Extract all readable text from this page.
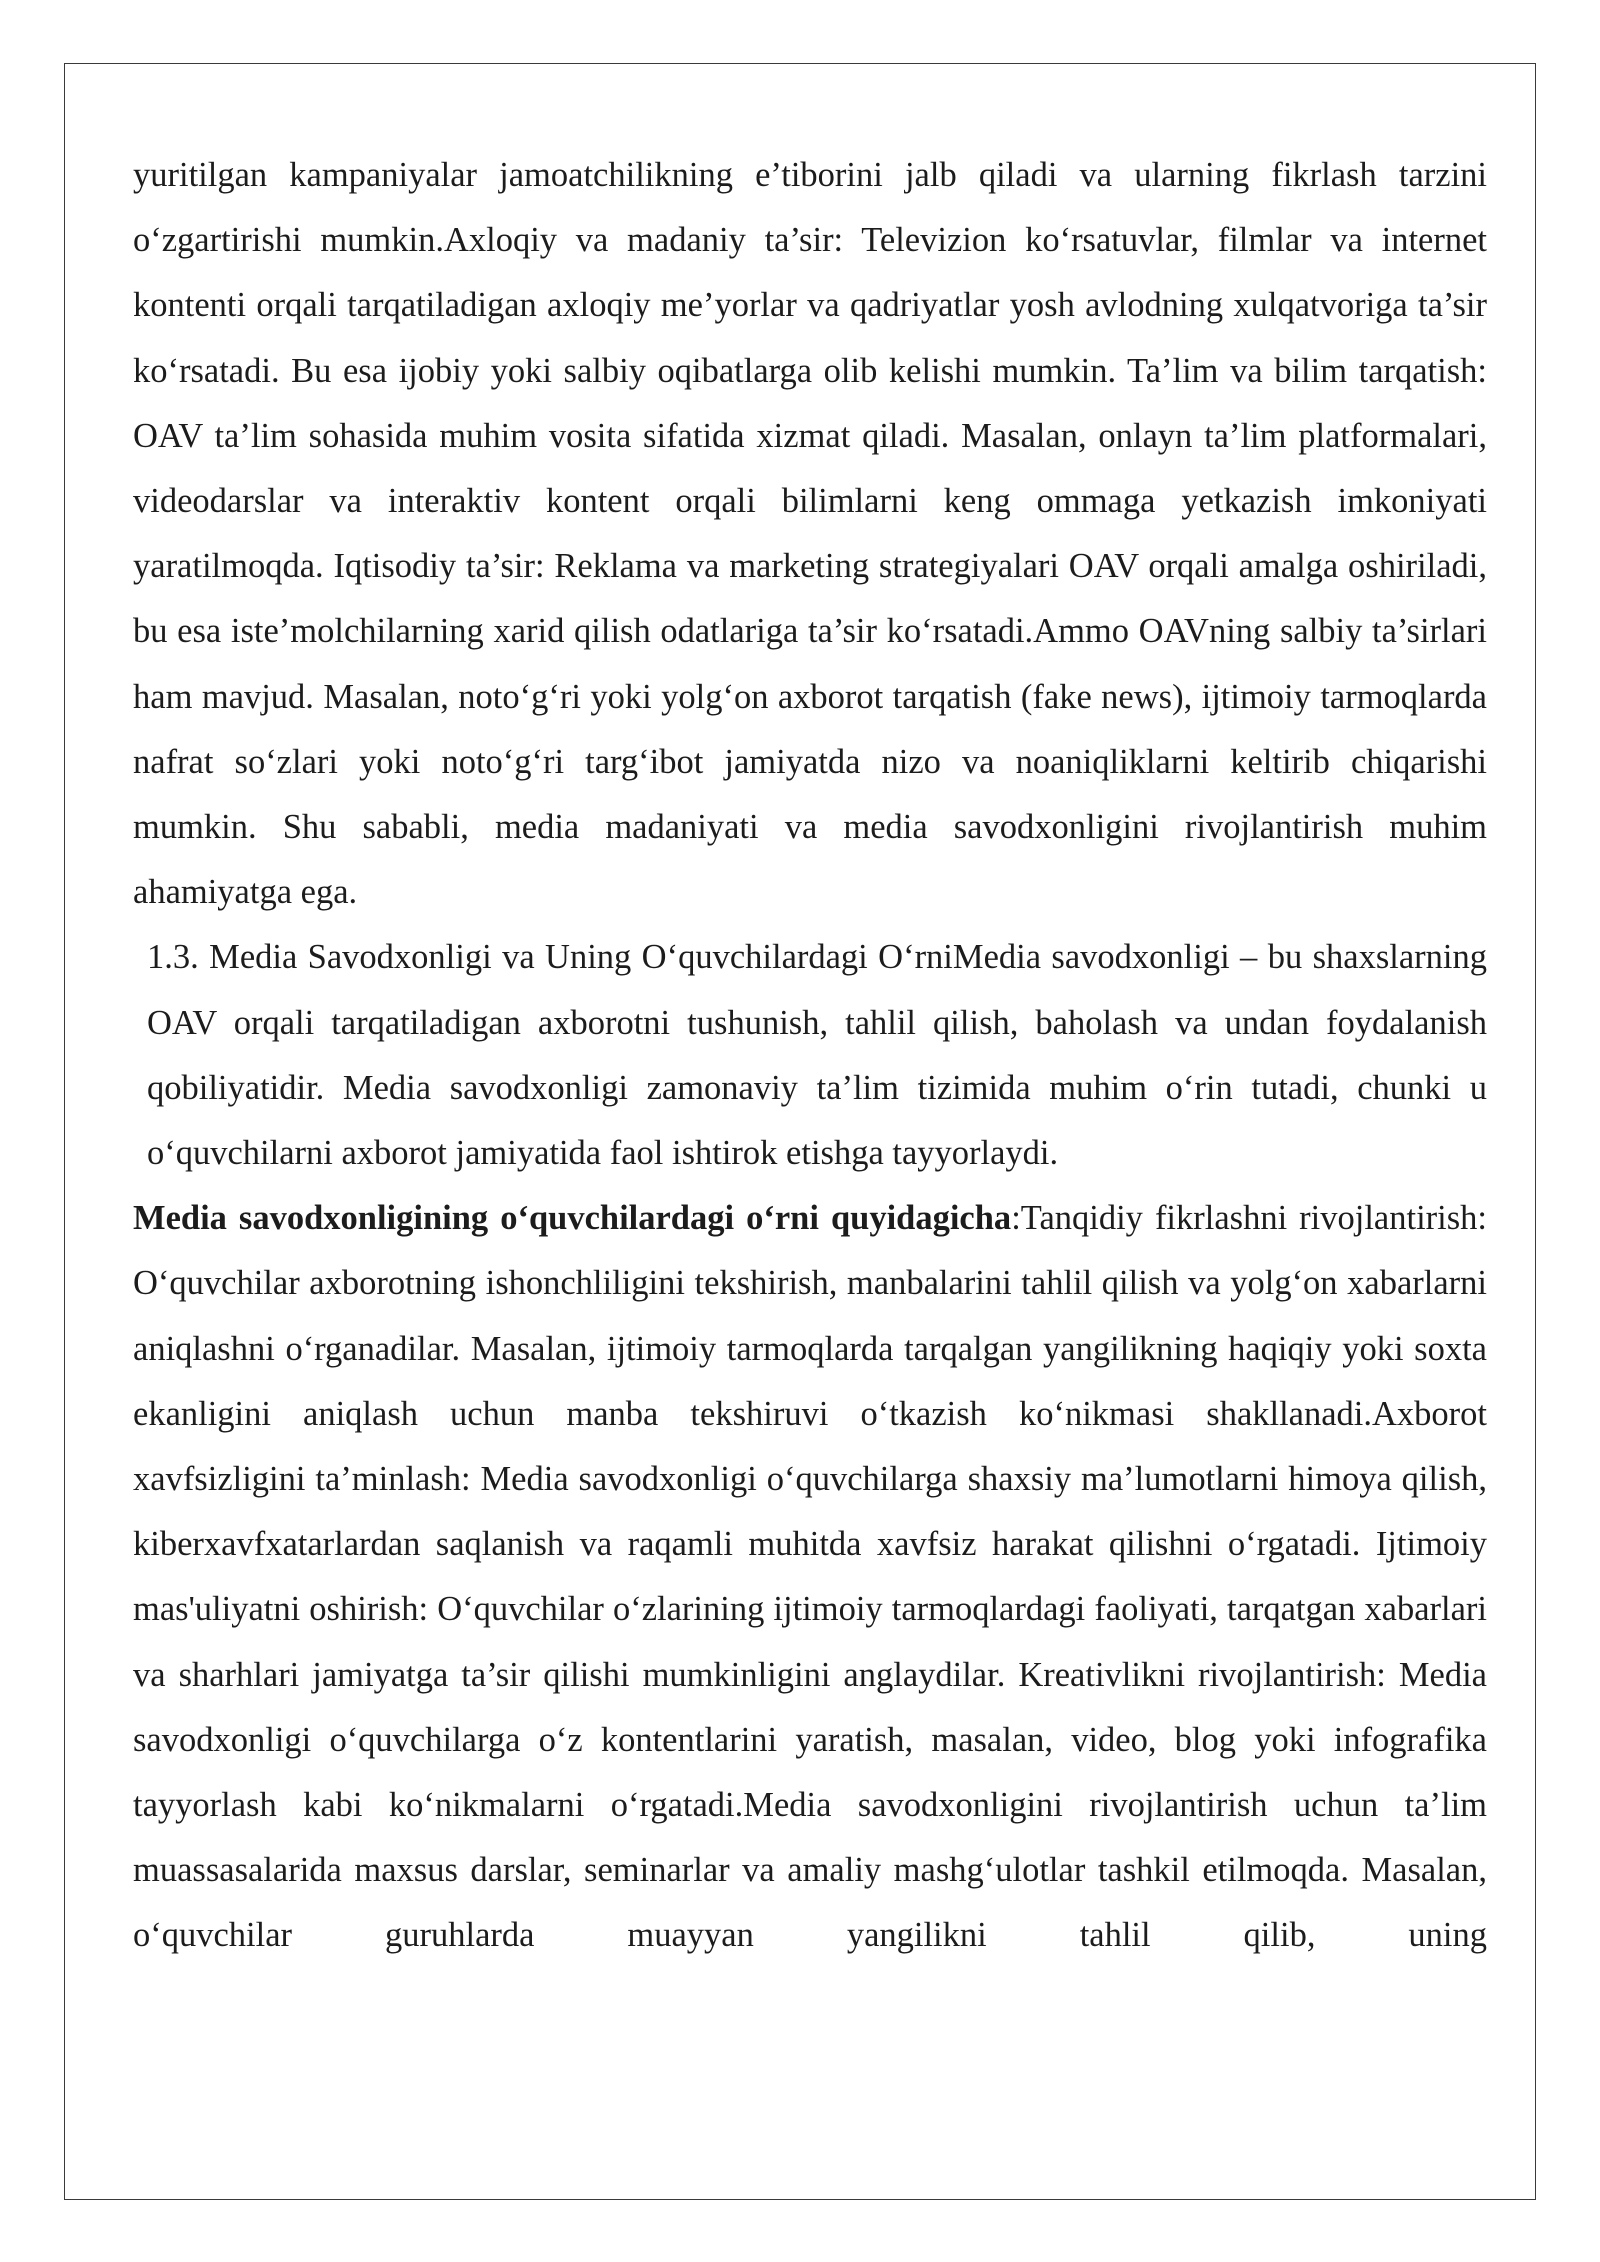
yuritilgan kampaniyalar jamoatchilikning e’tiborini jalb qiladi va ularning fikrlash tarzini o‘zgartirishi mumkin.Axloqiy va madaniy ta’sir: Televizion ko‘rsatuvlar, filmlar va internet kontenti orqali tarqatiladigan axloqiy me’yorlar va qadriyatlar yosh avlodning xulqatvoriga ta’sir ko‘rsatadi. Bu esa ijobiy yoki salbiy oqibatlarga olib kelishi mumkin. Ta’lim va bilim tarqatish: OAV ta’lim sohasida muhim vosita sifatida xizmat qiladi. Masalan, onlayn ta’lim platformalari, videodarslar va interaktiv kontent orqali bilimlarni keng ommaga yetkazish imkoniyati yaratilmoqda. Iqtisodiy ta’sir: Reklama va marketing strategiyalari OAV orqali amalga oshiriladi, bu esa iste’molchilarning xarid qilish odatlariga ta’sir ko‘rsatadi.Ammo OAVning salbiy ta’sirlari ham mavjud. Masalan, noto‘g‘ri yoki yolg‘on axborot tarqatish (fake news), ijtimoiy tarmoqlarda nafrat so‘zlari yoki noto‘g‘ri targ‘ibot jamiyatda nizo va noaniqliklarni keltirib chiqarishi mumkin. Shu sababli, media madaniyati va media savodxonligini rivojlantirish muhim ahamiyatga ega.

1.3. Media Savodxonligi va Uning O‘quvchilardagi O‘rniMedia savodxonligi – bu shaxslarning OAV orqali tarqatiladigan axborotni tushunish, tahlil qilish, baholash va undan foydalanish qobiliyatidir. Media savodxonligi zamonaviy ta’lim tizimida muhim o‘rin tutadi, chunki u o‘quvchilarni axborot jamiyatida faol ishtirok etishga tayyorlaydi.

Media savodxonligining o‘quvchilardagi o‘rni quyidagicha:Tanqidiy fikrlashni rivojlantirish: O‘quvchilar axborotning ishonchliligini tekshirish, manbalarini tahlil qilish va yolg‘on xabarlarni aniqlashni o‘rganadilar. Masalan, ijtimoiy tarmoqlarda tarqalgan yangilikning haqiqiy yoki soxta ekanligini aniqlash uchun manba tekshiruvi o‘tkazish ko‘nikmasi shakllanadi.Axborot xavfsizligini ta’minlash: Media savodxonligi o‘quvchilarga shaxsiy ma’lumotlarni himoya qilish, kiberxavfxatarlardan saqlanish va raqamli muhitda xavfsiz harakat qilishni o‘rgatadi. Ijtimoiy mas'uliyatni oshirish: O‘quvchilar o‘zlarining ijtimoiy tarmoqlardagi faoliyati, tarqatgan xabarlari va sharhlari jamiyatga ta’sir qilishi mumkinligini anglaydilar. Kreativlikni rivojlantirish: Media savodxonligi o‘quvchilarga o‘z kontentlarini yaratish, masalan, video, blog yoki infografika tayyorlash kabi ko‘nikmalarni o‘rgatadi.Media savodxonligini rivojlantirish uchun ta’lim muassasalarida maxsus darslar, seminarlar va amaliy mashg‘ulotlar tashkil etilmoqda. Masalan, o‘quvchilar guruhlarda muayyan yangilikni tahlil qilib, uning
